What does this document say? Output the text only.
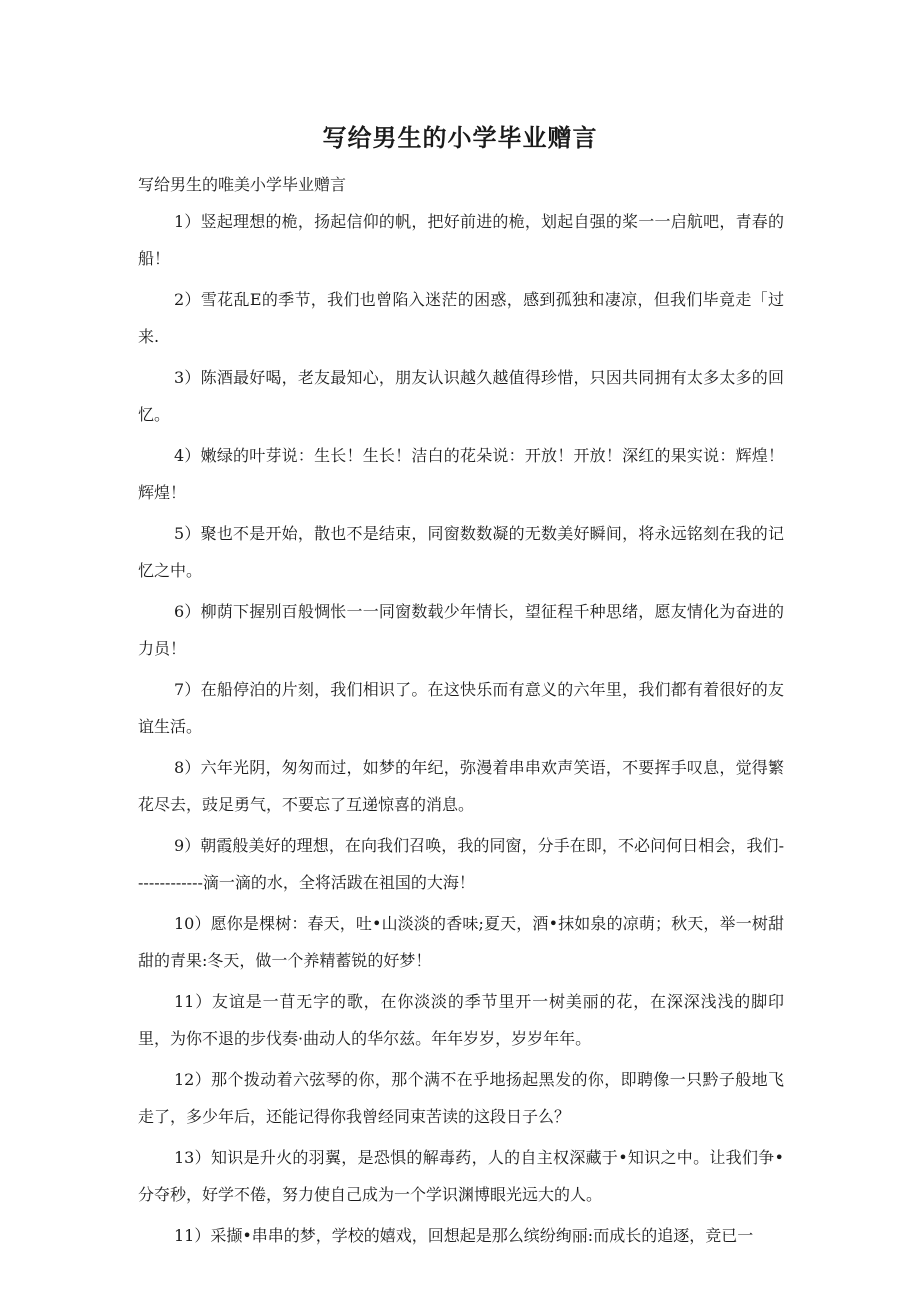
写给男生的小学毕业赠言

写给男生的唯美小学毕业赠言

1）竖起理想的桅，扬起信仰的帆，把好前进的桅，划起自强的桨一一启航吧，青春的船！

2）雪花乱E的季节，我们也曾陷入迷茫的困惑，感到孤独和凄凉，但我们毕竟走「过来.

3）陈酒最好喝，老友最知心，朋友认识越久越值得珍惜，只因共同拥有太多太多的回忆。

4）嫩绿的叶芽说：生长！生长！洁白的花朵说：开放！开放！深红的果实说：辉煌！辉煌！

5）聚也不是开始，散也不是结束，同窗数数凝的无数美好瞬间，将永远铭刻在我的记忆之中。

6）柳荫下握别百般惆怅一一同窗数载少年情长，望征程千种思绪，愿友情化为奋进的力员！

7）在船停泊的片刻，我们相识了。在这快乐而有意义的六年里，我们都有着很好的友谊生活。

8）六年光阴，匆匆而过，如梦的年纪，弥漫着串串欢声笑语，不要挥手叹息，觉得繁花尽去，豉足勇气，不要忘了互递惊喜的消息。

9）朝霞般美好的理想，在向我们召唤，我的同窗，分手在即，不必问何日相会，我们-------------滴一滴的水，全将活跋在祖国的大海！

10）愿你是棵树：春天，吐•山淡淡的香味;夏天，酒•抹如泉的凉萌；秋天，举一树甜甜的青果:冬天，做一个养精蓄锐的好梦！

11）友谊是一苜无字的歌，在你淡淡的季节里开一树美丽的花，在深深浅浅的脚印里，为你不退的步伐奏·曲动人的华尔兹。年年岁岁，岁岁年年。

12）那个拨动着六弦琴的你，那个满不在乎地扬起黑发的你，即聘像一只黔子般地飞走了，多少年后，还能记得你我曾经同束苦读的这段日子么？

13）知识是升火的羽翼，是恐惧的解毒药，人的自主权深藏于•知识之中。让我们争•分夺秒，好学不倦，努力使自己成为一个学识渊博眼光远大的人。

11）采撷•串串的梦，学校的嬉戏，回想起是那么缤纷绚丽:而成长的追逐，竞已一
